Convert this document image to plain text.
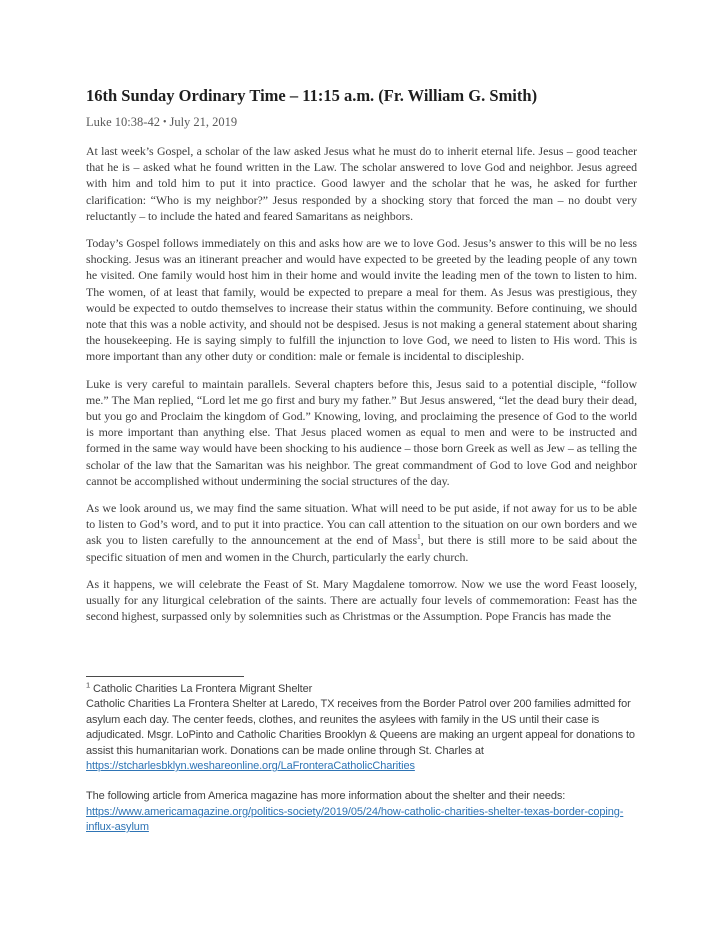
16th Sunday Ordinary Time – 11:15 a.m. (Fr. William G. Smith)
Luke 10:38-42 • July 21, 2019

At last week’s Gospel, a scholar of the law asked Jesus what he must do to inherit eternal life. Jesus – good teacher that he is – asked what he found written in the Law. The scholar answered to love God and neighbor. Jesus agreed with him and told him to put it into practice. Good lawyer and the scholar that he was, he asked for further clarification: “Who is my neighbor?” Jesus responded by a shocking story that forced the man – no doubt very reluctantly – to include the hated and feared Samaritans as neighbors.

Today’s Gospel follows immediately on this and asks how are we to love God. Jesus’s answer to this will be no less shocking. Jesus was an itinerant preacher and would have expected to be greeted by the leading people of any town he visited. One family would host him in their home and would invite the leading men of the town to listen to him. The women, of at least that family, would be expected to prepare a meal for them. As Jesus was prestigious, they would be expected to outdo themselves to increase their status within the community. Before continuing, we should note that this was a noble activity, and should not be despised. Jesus is not making a general statement about sharing the housekeeping. He is saying simply to fulfill the injunction to love God, we need to listen to His word. This is more important than any other duty or condition: male or female is incidental to discipleship.

Luke is very careful to maintain parallels. Several chapters before this, Jesus said to a potential disciple, “follow me.” The Man replied, “Lord let me go first and bury my father.” But Jesus answered, “let the dead bury their dead, but you go and Proclaim the kingdom of God.” Knowing, loving, and proclaiming the presence of God to the world is more important than anything else. That Jesus placed women as equal to men and were to be instructed and formed in the same way would have been shocking to his audience – those born Greek as well as Jew – as telling the scholar of the law that the Samaritan was his neighbor. The great commandment of God to love God and neighbor cannot be accomplished without undermining the social structures of the day.

As we look around us, we may find the same situation. What will need to be put aside, if not away for us to be able to listen to God’s word, and to put it into practice. You can call attention to the situation on our own borders and we ask you to listen carefully to the announcement at the end of Mass$^1$, but there is still more to be said about the specific situation of men and women in the Church, particularly the early church.

As it happens, we will celebrate the Feast of St. Mary Magdalene tomorrow. Now we use the word Feast loosely, usually for any liturgical celebration of the saints. There are actually four levels of commemoration: Feast has the second highest, surpassed only by solemnities such as Christmas or the Assumption. Pope Francis has made the

$^1$ Catholic Charities La Frontera Migrant Shelter
Catholic Charities La Frontera Shelter at Laredo, TX receives from the Border Patrol over 200 families admitted for asylum each day. The center feeds, clothes, and reunites the asylees with family in the US until their case is adjudicated. Msgr. LoPinto and Catholic Charities Brooklyn & Queens are making an urgent appeal for donations to assist this humanitarian work. Donations can be made online through St. Charles at
https://stcharlesbklyn.weshareonline.org/LaFronteraCatholicCharities
The following article from America magazine has more information about the shelter and their needs:
https://www.americamagazine.org/politics-society/2019/05/24/how-catholic-charities-shelter-texas-border-coping-influx-asylum
